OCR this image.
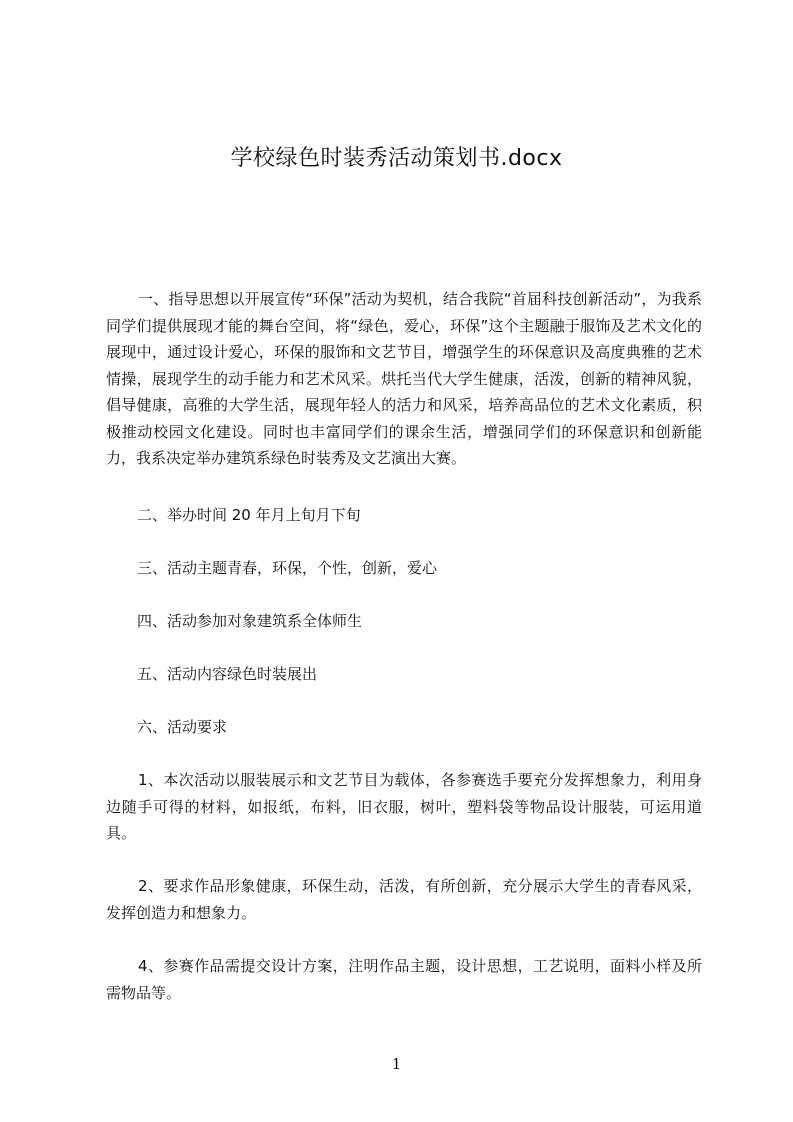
学校绿色时装秀活动策划书.docx
一、指导思想以开展宣传“环保”活动为契机，结合我院“首届科技创新活动”，为我系同学们提供展现才能的舞台空间，将“绿色，爱心，环保”这个主题融于服饰及艺术文化的展现中，通过设计爱心，环保的服饰和文艺节目，增强学生的环保意识及高度典雅的艺术情操，展现学生的动手能力和艺术风采。烘托当代大学生健康，活泼，创新的精神风貌，倡导健康，高雅的大学生活，展现年轻人的活力和风采，培养高品位的艺术文化素质，积极推动校园文化建设。同时也丰富同学们的课余生活，增强同学们的环保意识和创新能力，我系决定举办建筑系绿色时装秀及文艺演出大赛。
二、举办时间 20 年月上旬月下旬
三、活动主题青春，环保，个性，创新，爱心
四、活动参加对象建筑系全体师生
五、活动内容绿色时装展出
六、活动要求
1、本次活动以服装展示和文艺节目为载体，各参赛选手要充分发挥想象力，利用身边随手可得的材料，如报纸，布料，旧衣服，树叶，塑料袋等物品设计服装，可运用道具。
2、要求作品形象健康，环保生动，活泼，有所创新，充分展示大学生的青春风采，发挥创造力和想象力。
4、参赛作品需提交设计方案，注明作品主题，设计思想，工艺说明，面料小样及所需物品等。
1
